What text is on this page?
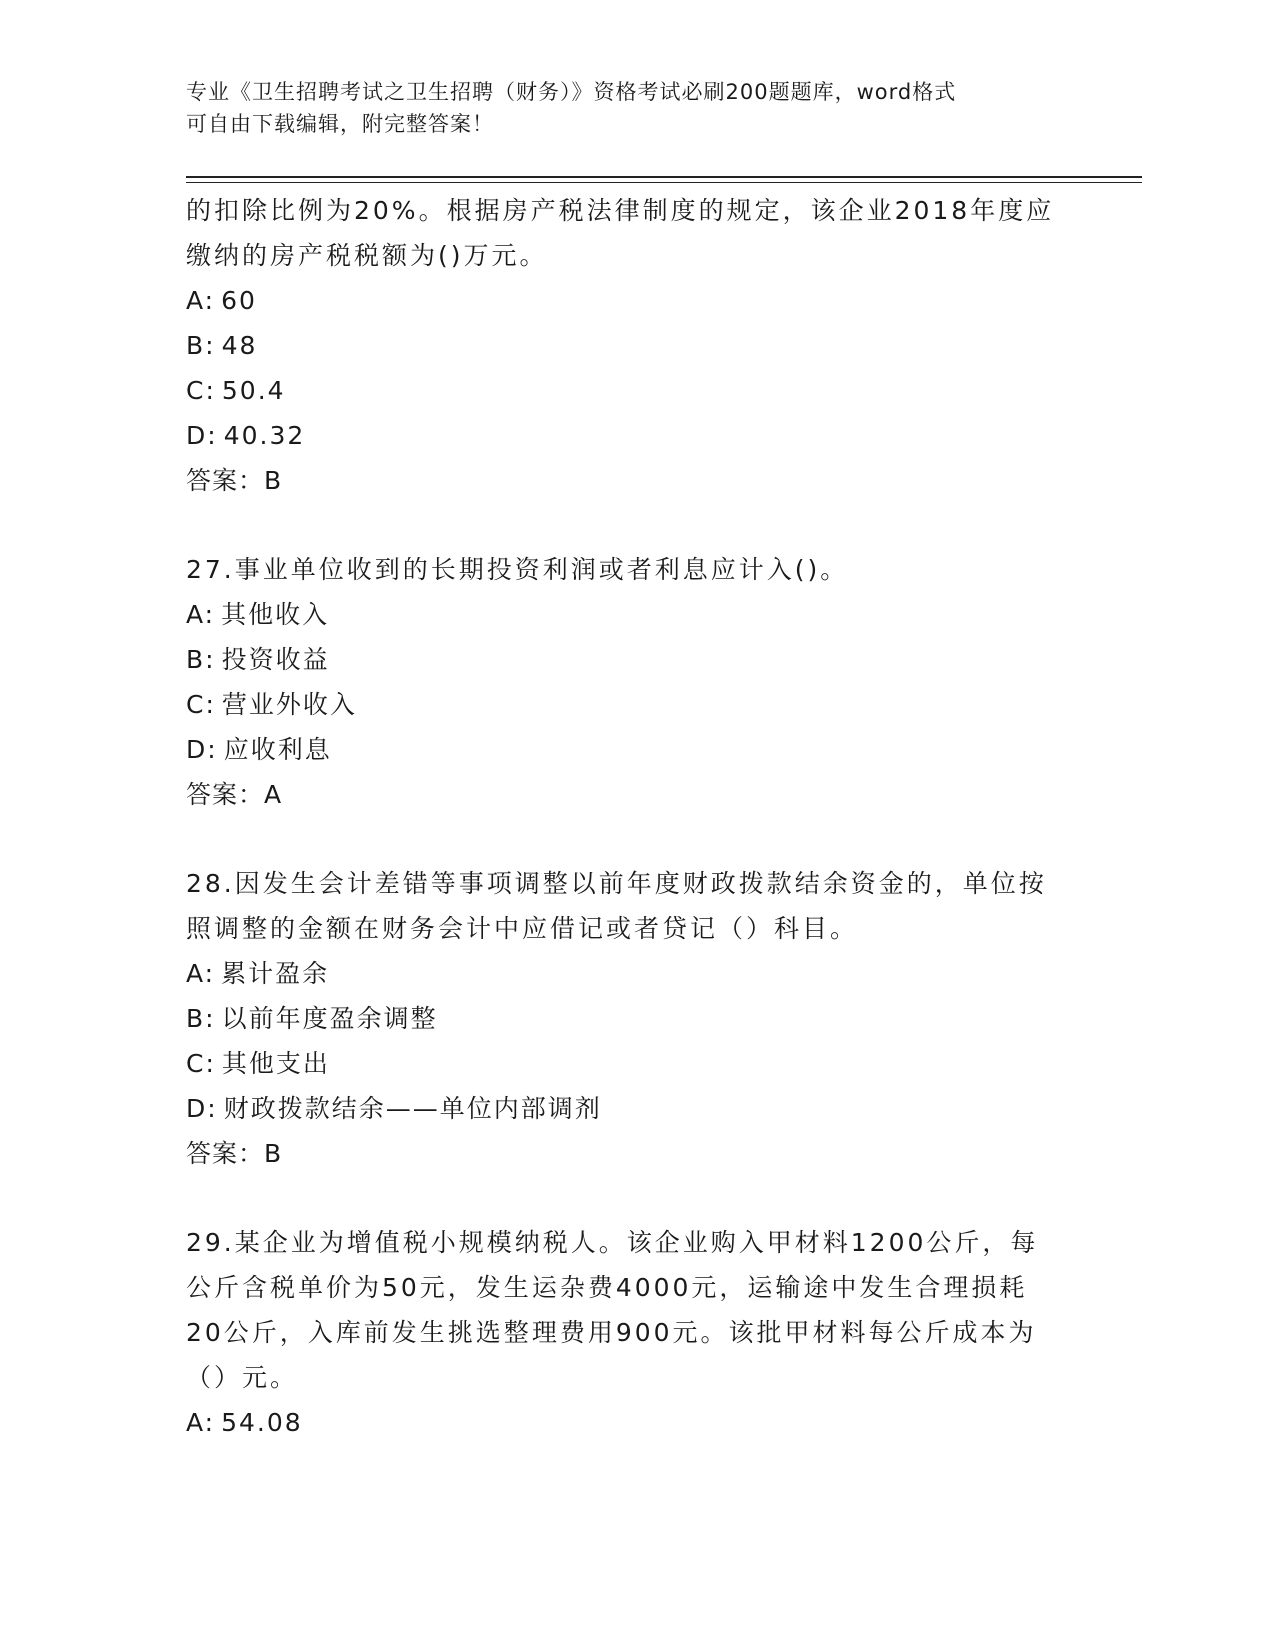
专业《卫生招聘考试之卫生招聘（财务）》资格考试必刷200题题库，word格式
可自由下载编辑，附完整答案！

的扣除比例为20%。根据房产税法律制度的规定，该企业2018年度应

缴纳的房产税税额为()万元。

A: 60

B: 48

C: 50.4

D: 40.32

答案：B

27.事业单位收到的长期投资利润或者利息应计入()。

A: 其他收入

B: 投资收益

C: 营业外收入

D: 应收利息

答案：A

28.因发生会计差错等事项调整以前年度财政拨款结余资金的，单位按

照调整的金额在财务会计中应借记或者贷记（）科目。

A: 累计盈余

B: 以前年度盈余调整

C: 其他支出

D: 财政拨款结余——单位内部调剂

答案：B

29.某企业为增值税小规模纳税人。该企业购入甲材料1200公斤，每

公斤含税单价为50元，发生运杂费4000元，运输途中发生合理损耗

20公斤，入库前发生挑选整理费用900元。该批甲材料每公斤成本为

（）元。

A: 54.08
